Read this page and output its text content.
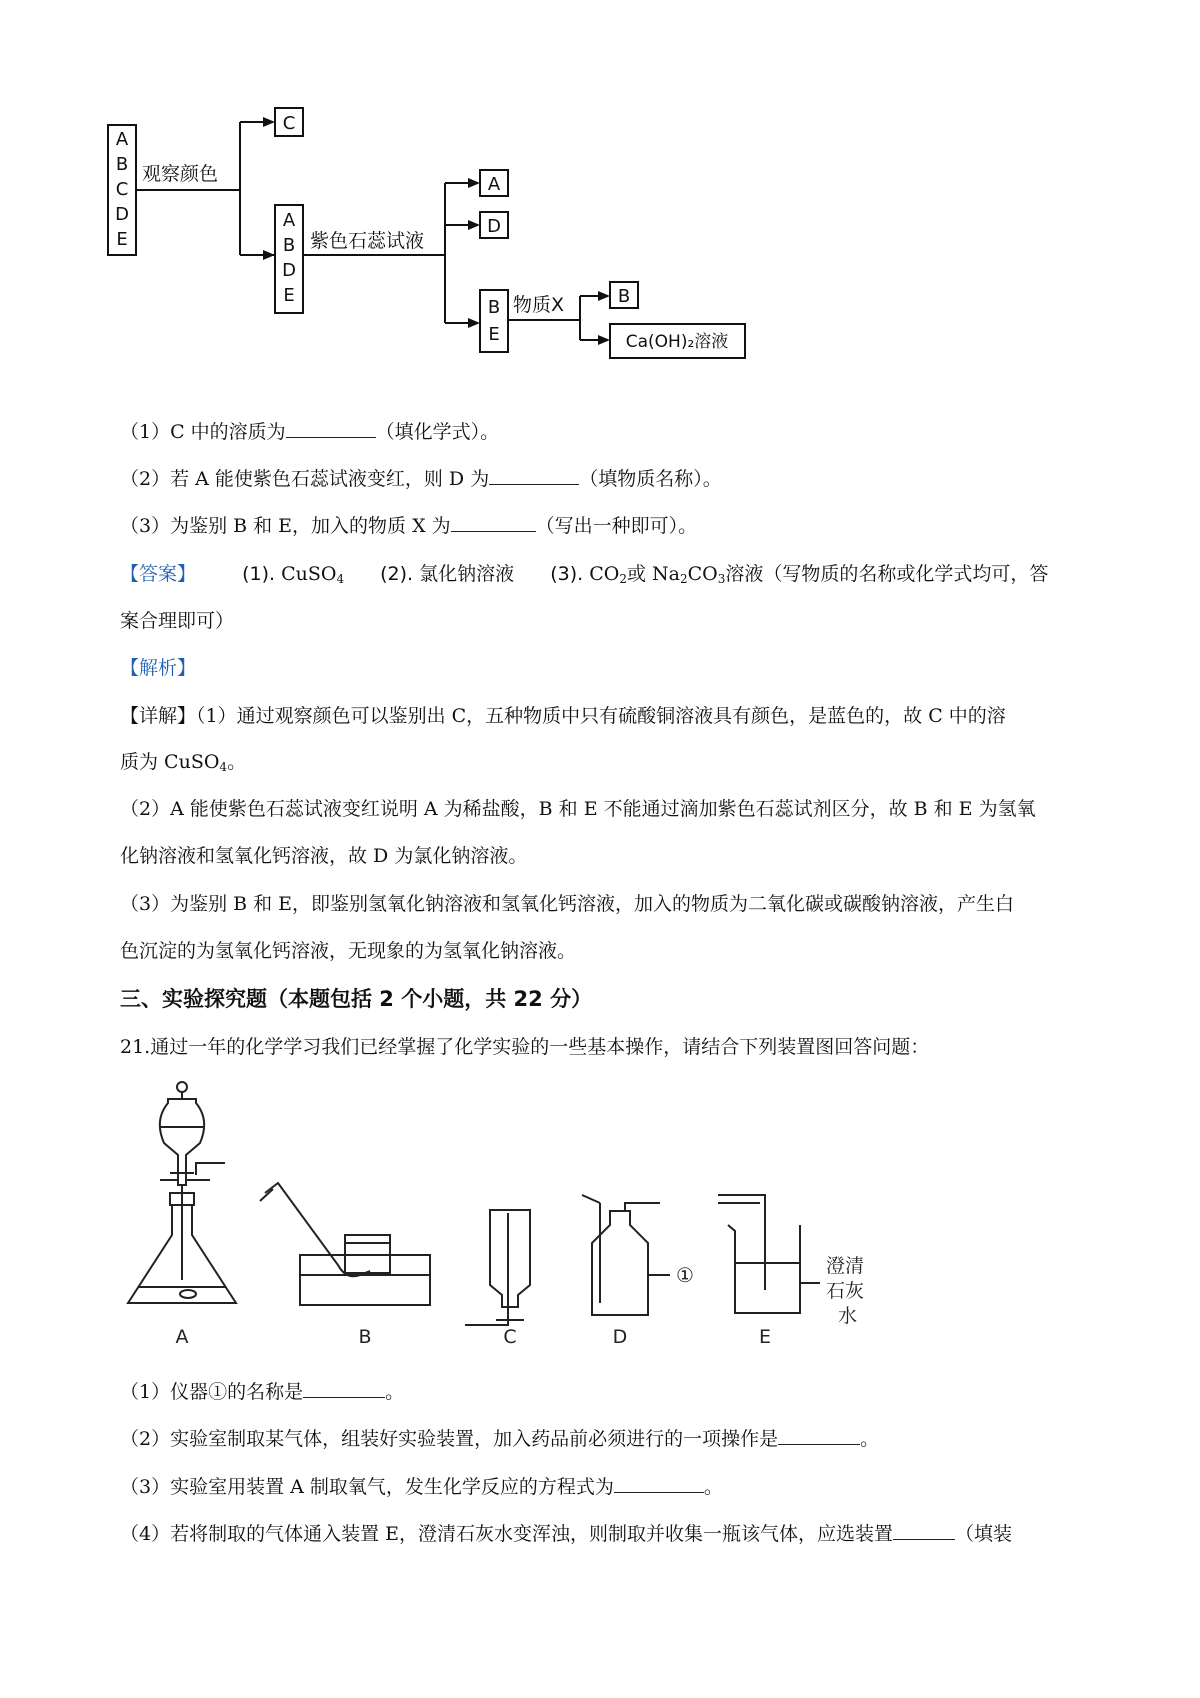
A
B
C
D
E
C
A
B
D
E
A
D
B
E
B
Ca(OH)₂溶液
观察颜色
紫色石蕊试液
物质X
（1）C 中的溶质为	（填化学式）。
（2）若 A 能使紫色石蕊试液变红，则 D 为	（填物质名称）。
（3）为鉴别 B 和 E，加入的物质 X 为	（写出一种即可）。
【答案】 (1). CuSO$_4$ (2). 氯化钠溶液 (3). $CO_2$或 $Na_2CO_3$溶液（写物质的名称或化学式均可，答
案合理即可）
【解析】
【详解】（1）通过观察颜色可以鉴别出 C，五种物质中只有硫酸铜溶液具有颜色，是蓝色的，故 C 中的溶
质为 CuSO$_4$。
（2）A 能使紫色石蕊试液变红说明 A 为稀盐酸，B 和 E 不能通过滴加紫色石蕊试剂区分，故 B 和 E 为氢氧
化钠溶液和氢氧化钙溶液，故 D 为氯化钠溶液。
（3）为鉴别 B 和 E，即鉴别氢氧化钠溶液和氢氧化钙溶液，加入的物质为二氧化碳或碳酸钠溶液，产生白
色沉淀的为氢氧化钙溶液，无现象的为氢氧化钠溶液。
三、实验探究题（本题包括 2 个小题，共 22 分）
21.通过一年的化学学习我们已经掌握了化学实验的一些基本操作，请结合下列装置图回答问题：
A	B	C	D	E
①	澄清
石灰
水
（1）仪器①的名称是	。
（2）实验室制取某气体，组装好实验装置，加入药品前必须进行的一项操作是	。
（3）实验室用装置 A 制取氧气，发生化学反应的方程式为	。
（4）若将制取的气体通入装置 E，澄清石灰水变浑浊，则制取并收集一瓶该气体，应选装置	（填装
